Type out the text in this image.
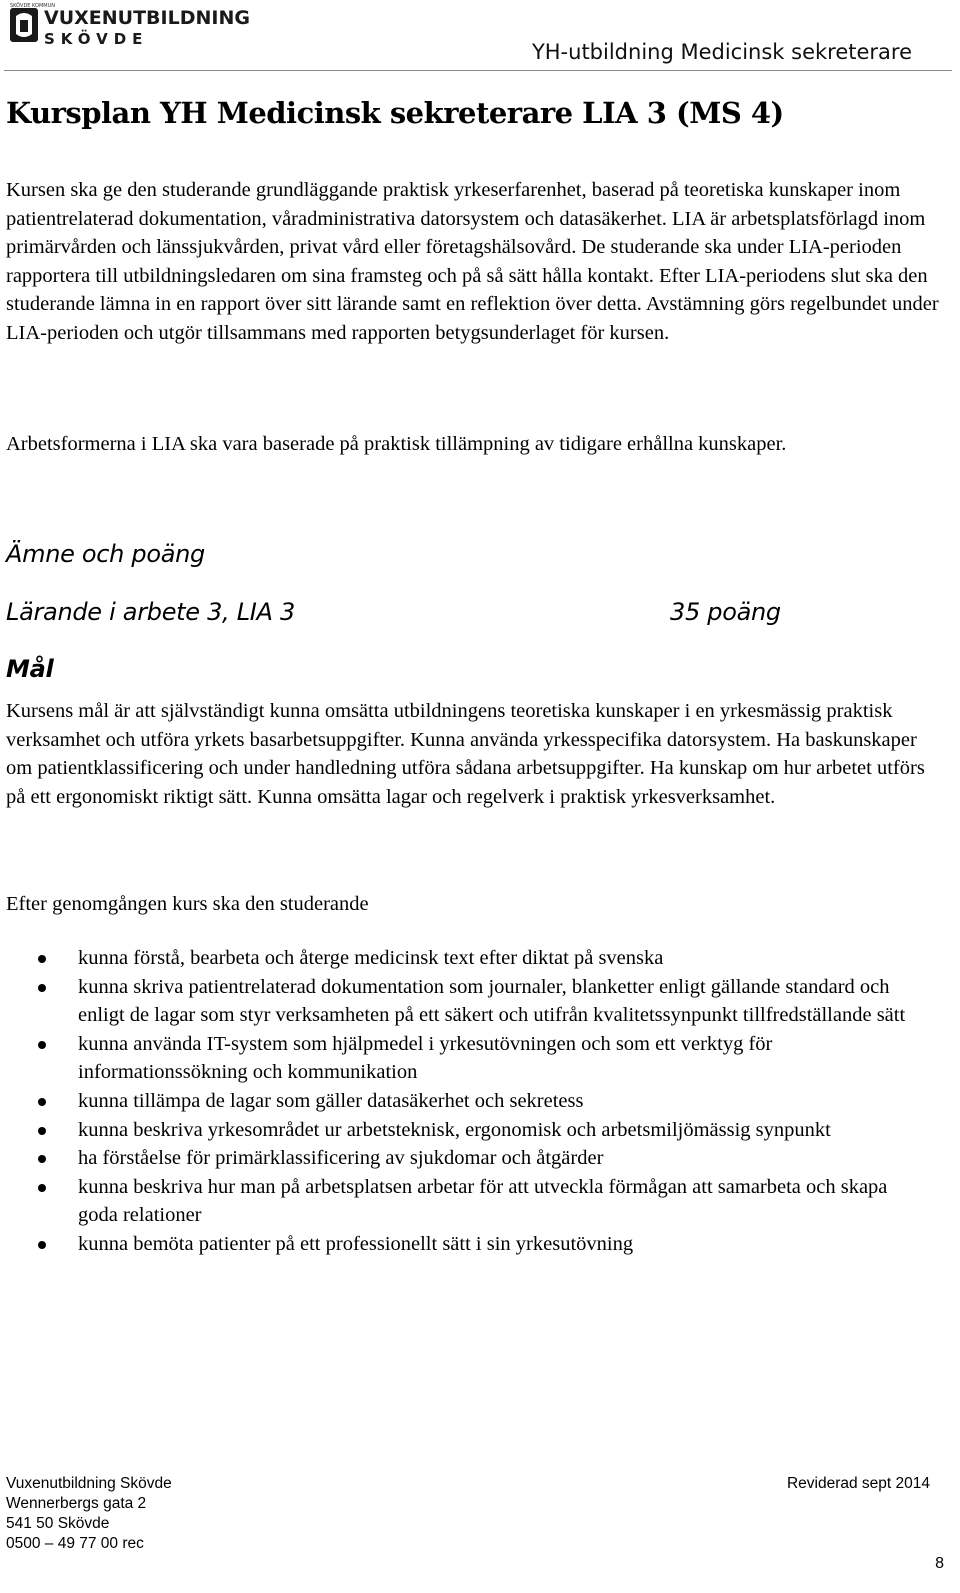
SKÖVDE KOMMUN
VUXENUTBILDNING
SKÖVDE
YH-utbildning Medicinsk sekreterare
Kursplan YH Medicinsk sekreterare LIA 3 (MS 4)

Kursen ska ge den studerande grundläggande praktisk yrkeserfarenhet, baserad på teoretiska kunskaper inom patientrelaterad dokumentation, våradministrativa datorsystem och datasäkerhet. LIA är arbetsplatsförlagd inom primärvården och länssjukvården, privat vård eller företagshälsovård. De studerande ska under LIA-perioden rapportera till utbildningsledaren om sina framsteg och på så sätt hålla kontakt. Efter LIA-periodens slut ska den studerande lämna in en rapport över sitt lärande samt en reflektion över detta. Avstämning görs regelbundet under LIA-perioden och utgör tillsammans med rapporten betygsunderlaget för kursen.

Arbetsformerna i LIA ska vara baserade på praktisk tillämpning av tidigare erhållna kunskaper.

Ämne och poäng
Lärande i arbete 3, LIA 3	35 poäng
Mål

Kursens mål är att självständigt kunna omsätta utbildningens teoretiska kunskaper i en yrkesmässig praktisk verksamhet och utföra yrkets basarbetsuppgifter. Kunna använda yrkesspecifika datorsystem. Ha baskunskaper om patientklassificering och under handledning utföra sådana arbetsuppgifter. Ha kunskap om hur arbetet utförs på ett ergonomiskt riktigt sätt. Kunna omsätta lagar och regelverk i praktisk yrkesverksamhet.

Efter genomgången kurs ska den studerande

kunna förstå, bearbeta och återge medicinsk text efter diktat på svenska
kunna skriva patientrelaterad dokumentation som journaler, blanketter enligt gällande standard och enligt de lagar som styr verksamheten på ett säkert och utifrån kvalitetssynpunkt tillfredställande sätt
kunna använda IT-system som hjälpmedel i yrkesutövningen och som ett verktyg för informationssökning och kommunikation
kunna tillämpa de lagar som gäller datasäkerhet och sekretess
kunna beskriva yrkesområdet ur arbetsteknisk, ergonomisk och arbetsmiljömässig synpunkt
ha förståelse för primärklassificering av sjukdomar och åtgärder
kunna beskriva hur man på arbetsplatsen arbetar för att utveckla förmågan att samarbeta och skapa goda relationer
kunna bemöta patienter på ett professionellt sätt i sin yrkesutövning
Vuxenutbildning Skövde
Wennerbergs gata 2
541 50 Skövde
0500 – 49 77 00 rec
Reviderad sept 2014
8
